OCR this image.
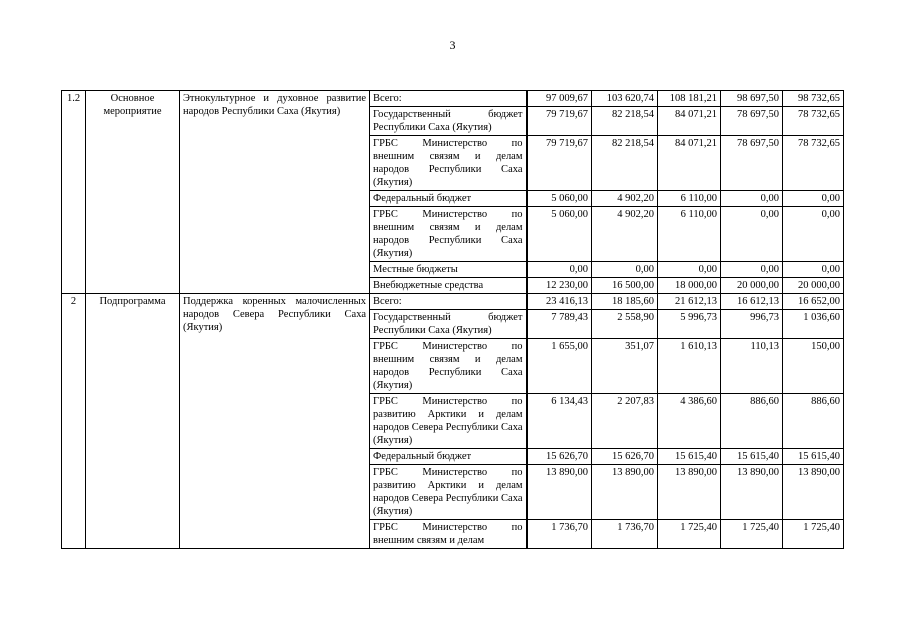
3
1.2	Основное мероприятие	Этнокультурное и духовное развитие народов Республики Саха (Якутия)	Всего:	97 009,67	103 620,74	108 181,21	98 697,50	98 732,65
			Государственный бюджет Республики Саха (Якутия)	79 719,67	82 218,54	84 071,21	78 697,50	78 732,65
			ГРБС Министерство по внешним связям и делам народов Республики Саха (Якутия)	79 719,67	82 218,54	84 071,21	78 697,50	78 732,65
			Федеральный бюджет	5 060,00	4 902,20	6 110,00	0,00	0,00
			ГРБС Министерство по внешним связям и делам народов Республики Саха (Якутия)	5 060,00	4 902,20	6 110,00	0,00	0,00
			Местные бюджеты	0,00	0,00	0,00	0,00	0,00
			Внебюджетные средства	12 230,00	16 500,00	18 000,00	20 000,00	20 000,00
2	Подпрограмма	Поддержка коренных малочисленных народов Севера Республики Саха (Якутия)	Всего:	23 416,13	18 185,60	21 612,13	16 612,13	16 652,00
			Государственный бюджет Республики Саха (Якутия)	7 789,43	2 558,90	5 996,73	996,73	1 036,60
			ГРБС Министерство по внешним связям и делам народов Республики Саха (Якутия)	1 655,00	351,07	1 610,13	110,13	150,00
			ГРБС Министерство по развитию Арктики и делам народов Севера Республики Саха (Якутия)	6 134,43	2 207,83	4 386,60	886,60	886,60
			Федеральный бюджет	15 626,70	15 626,70	15 615,40	15 615,40	15 615,40
			ГРБС Министерство по развитию Арктики и делам народов Севера Республики Саха (Якутия)	13 890,00	13 890,00	13 890,00	13 890,00	13 890,00
			ГРБС Министерство по внешним связям и делам	1 736,70	1 736,70	1 725,40	1 725,40	1 725,40
